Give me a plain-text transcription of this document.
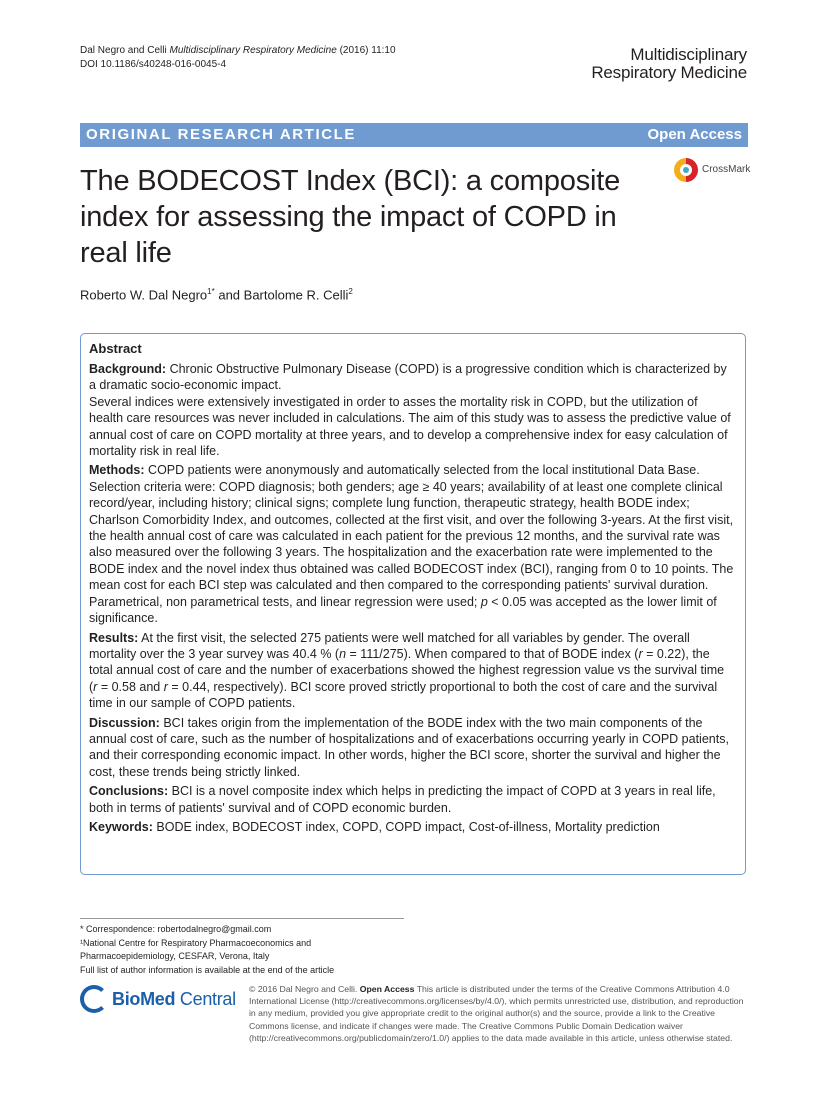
Dal Negro and Celli Multidisciplinary Respiratory Medicine (2016) 11:10
DOI 10.1186/s40248-016-0045-4
Multidisciplinary
Respiratory Medicine
ORIGINAL RESEARCH ARTICLE	Open Access
The BODECOST Index (BCI): a composite index for assessing the impact of COPD in real life
CrossMark
Roberto W. Dal Negro$^{1*}$ and Bartolome R. Celli$^2$
Abstract

Background: Chronic Obstructive Pulmonary Disease (COPD) is a progressive condition which is characterized by a dramatic socio-economic impact.
Several indices were extensively investigated in order to asses the mortality risk in COPD, but the utilization of health care resources was never included in calculations. The aim of this study was to assess the predictive value of annual cost of care on COPD mortality at three years, and to develop a comprehensive index for easy calculation of mortality risk in real life.

Methods: COPD patients were anonymously and automatically selected from the local institutional Data Base. Selection criteria were: COPD diagnosis; both genders; age ≥ 40 years; availability of at least one complete clinical record/year, including history; clinical signs; complete lung function, therapeutic strategy, health BODE index; Charlson Comorbidity Index, and outcomes, collected at the first visit, and over the following 3-years. At the first visit, the health annual cost of care was calculated in each patient for the previous 12 months, and the survival rate was also measured over the following 3 years. The hospitalization and the exacerbation rate were implemented to the BODE index and the novel index thus obtained was called BODECOST index (BCI), ranging from 0 to 10 points. The mean cost for each BCI step was calculated and then compared to the corresponding patients' survival duration.
Parametrical, non parametrical tests, and linear regression were used; p < 0.05 was accepted as the lower limit of significance.

Results: At the first visit, the selected 275 patients were well matched for all variables by gender. The overall mortality over the 3 year survey was 40.4 % (n = 111/275). When compared to that of BODE index (r = 0.22), the total annual cost of care and the number of exacerbations showed the highest regression value vs the survival time (r = 0.58 and r = 0.44, respectively). BCI score proved strictly proportional to both the cost of care and the survival time in our sample of COPD patients.

Discussion: BCI takes origin from the implementation of the BODE index with the two main components of the annual cost of care, such as the number of hospitalizations and of exacerbations occurring yearly in COPD patients, and their corresponding economic impact. In other words, higher the BCI score, shorter the survival and higher the cost, these trends being strictly linked.

Conclusions: BCI is a novel composite index which helps in predicting the impact of COPD at 3 years in real life, both in terms of patients' survival and of COPD economic burden.

Keywords: BODE index, BODECOST index, COPD, COPD impact, Cost-of-illness, Mortality prediction

* Correspondence: robertodalnegro@gmail.com
¹National Centre for Respiratory Pharmacoeconomics and
Pharmacoepidemiology, CESFAR, Verona, Italy
Full list of author information is available at the end of the article
BioMed Central © 2016 Dal Negro and Celli. Open Access This article is distributed under the terms of the Creative Commons Attribution 4.0 International License (http://creativecommons.org/licenses/by/4.0/), which permits unrestricted use, distribution, and reproduction in any medium, provided you give appropriate credit to the original author(s) and the source, provide a link to the Creative Commons license, and indicate if changes were made. The Creative Commons Public Domain Dedication waiver (http://creativecommons.org/publicdomain/zero/1.0/) applies to the data made available in this article, unless otherwise stated.
